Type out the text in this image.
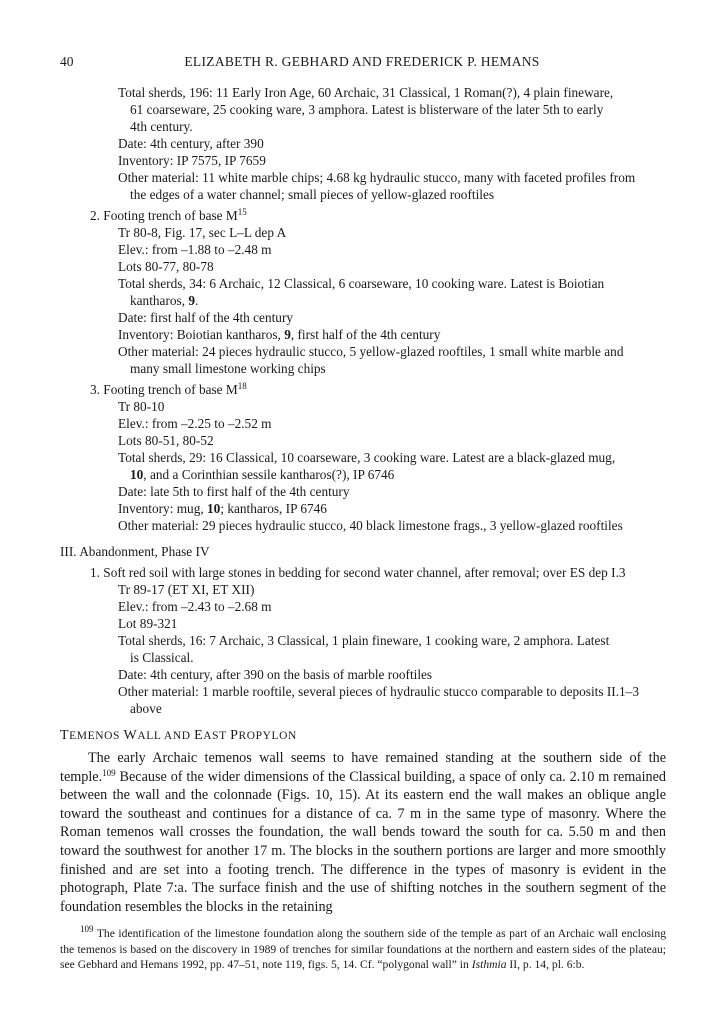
40	ELIZABETH R. GEBHARD AND FREDERICK P. HEMANS
Total sherds, 196: 11 Early Iron Age, 60 Archaic, 31 Classical, 1 Roman(?), 4 plain fineware,
61 coarseware, 25 cooking ware, 3 amphora. Latest is blisterware of the later 5th to early
4th century.
Date: 4th century, after 390
Inventory: IP 7575, IP 7659
Other material: 11 white marble chips; 4.68 kg hydraulic stucco, many with faceted profiles from
the edges of a water channel; small pieces of yellow-glazed rooftiles
2. Footing trench of base $M^{15}$
Tr 80-8, Fig. 17, sec L–L dep A
Elev.: from –1.88 to –2.48 m
Lots 80-77, 80-78
Total sherds, 34: 6 Archaic, 12 Classical, 6 coarseware, 10 cooking ware. Latest is Boiotian
kantharos, 9.
Date: first half of the 4th century
Inventory: Boiotian kantharos, 9, first half of the 4th century
Other material: 24 pieces hydraulic stucco, 5 yellow-glazed rooftiles, 1 small white marble and
many small limestone working chips
3. Footing trench of base $M^{18}$
Tr 80-10
Elev.: from –2.25 to –2.52 m
Lots 80-51, 80-52
Total sherds, 29: 16 Classical, 10 coarseware, 3 cooking ware. Latest are a black-glazed mug,
10, and a Corinthian sessile kantharos(?), IP 6746
Date: late 5th to first half of the 4th century
Inventory: mug, 10; kantharos, IP 6746
Other material: 29 pieces hydraulic stucco, 40 black limestone frags., 3 yellow-glazed rooftiles
III. Abandonment, Phase IV
1. Soft red soil with large stones in bedding for second water channel, after removal; over ES dep I.3
Tr 89-17 (ET XI, ET XII)
Elev.: from –2.43 to –2.68 m
Lot 89-321
Total sherds, 16: 7 Archaic, 3 Classical, 1 plain fineware, 1 cooking ware, 2 amphora. Latest
is Classical.
Date: 4th century, after 390 on the basis of marble rooftiles
Other material: 1 marble rooftile, several pieces of hydraulic stucco comparable to deposits II.1–3
above
TEMENOS WALL AND EAST PROPYLON

The early Archaic temenos wall seems to have remained standing at the southern side of the temple.$^{109}$ Because of the wider dimensions of the Classical building, a space of only ca. 2.10 m remained between the wall and the colonnade (Figs. 10, 15). At its eastern end the wall makes an oblique angle toward the southeast and continues for a distance of ca. 7 m in the same type of masonry. Where the Roman temenos wall crosses the foundation, the wall bends toward the south for ca. 5.50 m and then toward the southwest for another 17 m. The blocks in the southern portions are larger and more smoothly finished and are set into a footing trench. The difference in the types of masonry is evident in the photograph, Plate 7:a. The surface finish and the use of shifting notches in the southern segment of the foundation resembles the blocks in the retaining

$^{109}$ The identification of the limestone foundation along the southern side of the temple as part of an Archaic wall enclosing the temenos is based on the discovery in 1989 of trenches for similar foundations at the northern and eastern sides of the plateau; see Gebhard and Hemans 1992, pp. 47–51, note 119, figs. 5, 14. Cf. “polygonal wall” in Isthmia II, p. 14, pl. 6:b.
